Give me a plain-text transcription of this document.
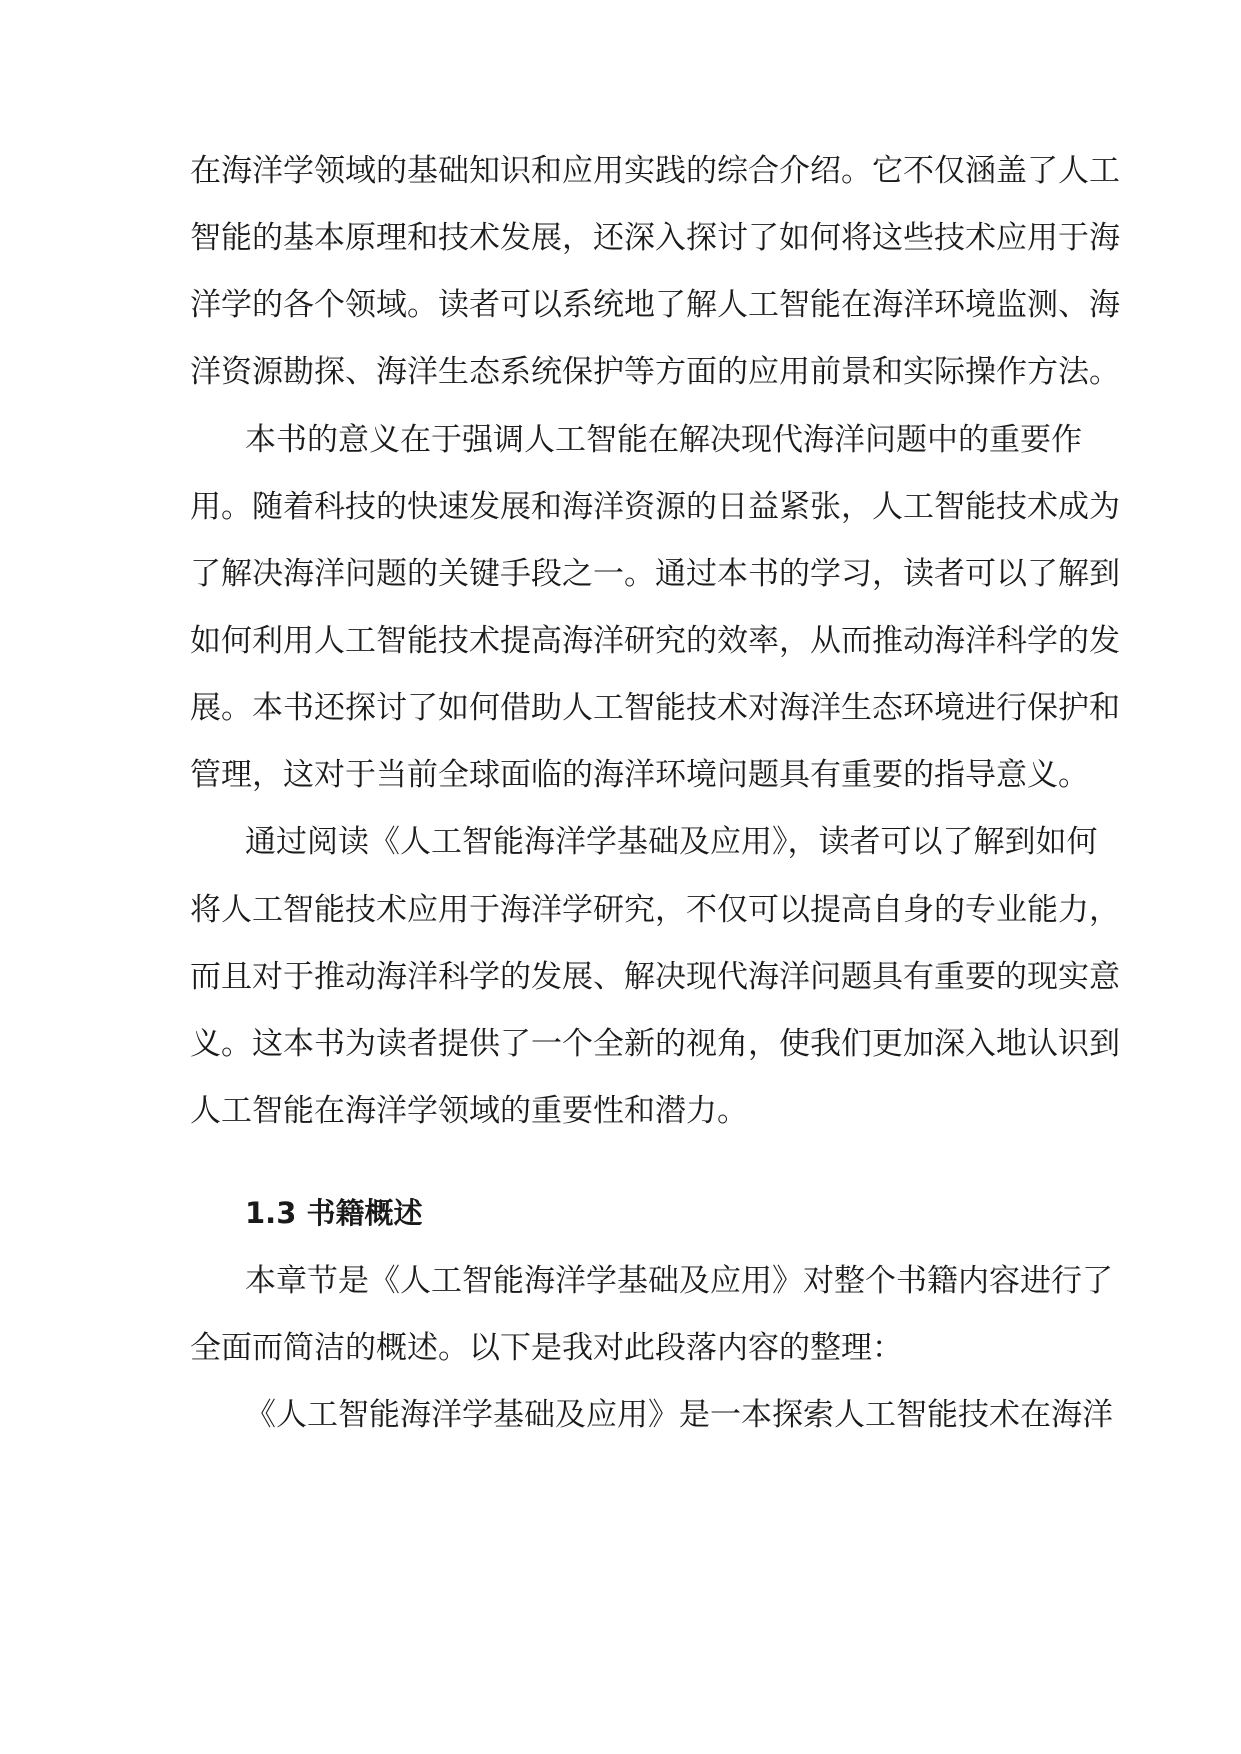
在海洋学领域的基础知识和应用实践的综合介绍。它不仅涵盖了人工
智能的基本原理和技术发展，还深入探讨了如何将这些技术应用于海
洋学的各个领域。读者可以系统地了解人工智能在海洋环境监测、海
洋资源勘探、海洋生态系统保护等方面的应用前景和实际操作方法。
本书的意义在于强调人工智能在解决现代海洋问题中的重要作
用。随着科技的快速发展和海洋资源的日益紧张，人工智能技术成为
了解决海洋问题的关键手段之一。通过本书的学习，读者可以了解到
如何利用人工智能技术提高海洋研究的效率，从而推动海洋科学的发
展。本书还探讨了如何借助人工智能技术对海洋生态环境进行保护和
管理，这对于当前全球面临的海洋环境问题具有重要的指导意义。
通过阅读《人工智能海洋学基础及应用》，读者可以了解到如何
将人工智能技术应用于海洋学研究，不仅可以提高自身的专业能力，
而且对于推动海洋科学的发展、解决现代海洋问题具有重要的现实意
义。这本书为读者提供了一个全新的视角，使我们更加深入地认识到
人工智能在海洋学领域的重要性和潜力。
1.3 书籍概述
本章节是《人工智能海洋学基础及应用》对整个书籍内容进行了
全面而简洁的概述。以下是我对此段落内容的整理：
《人工智能海洋学基础及应用》是一本探索人工智能技术在海洋
